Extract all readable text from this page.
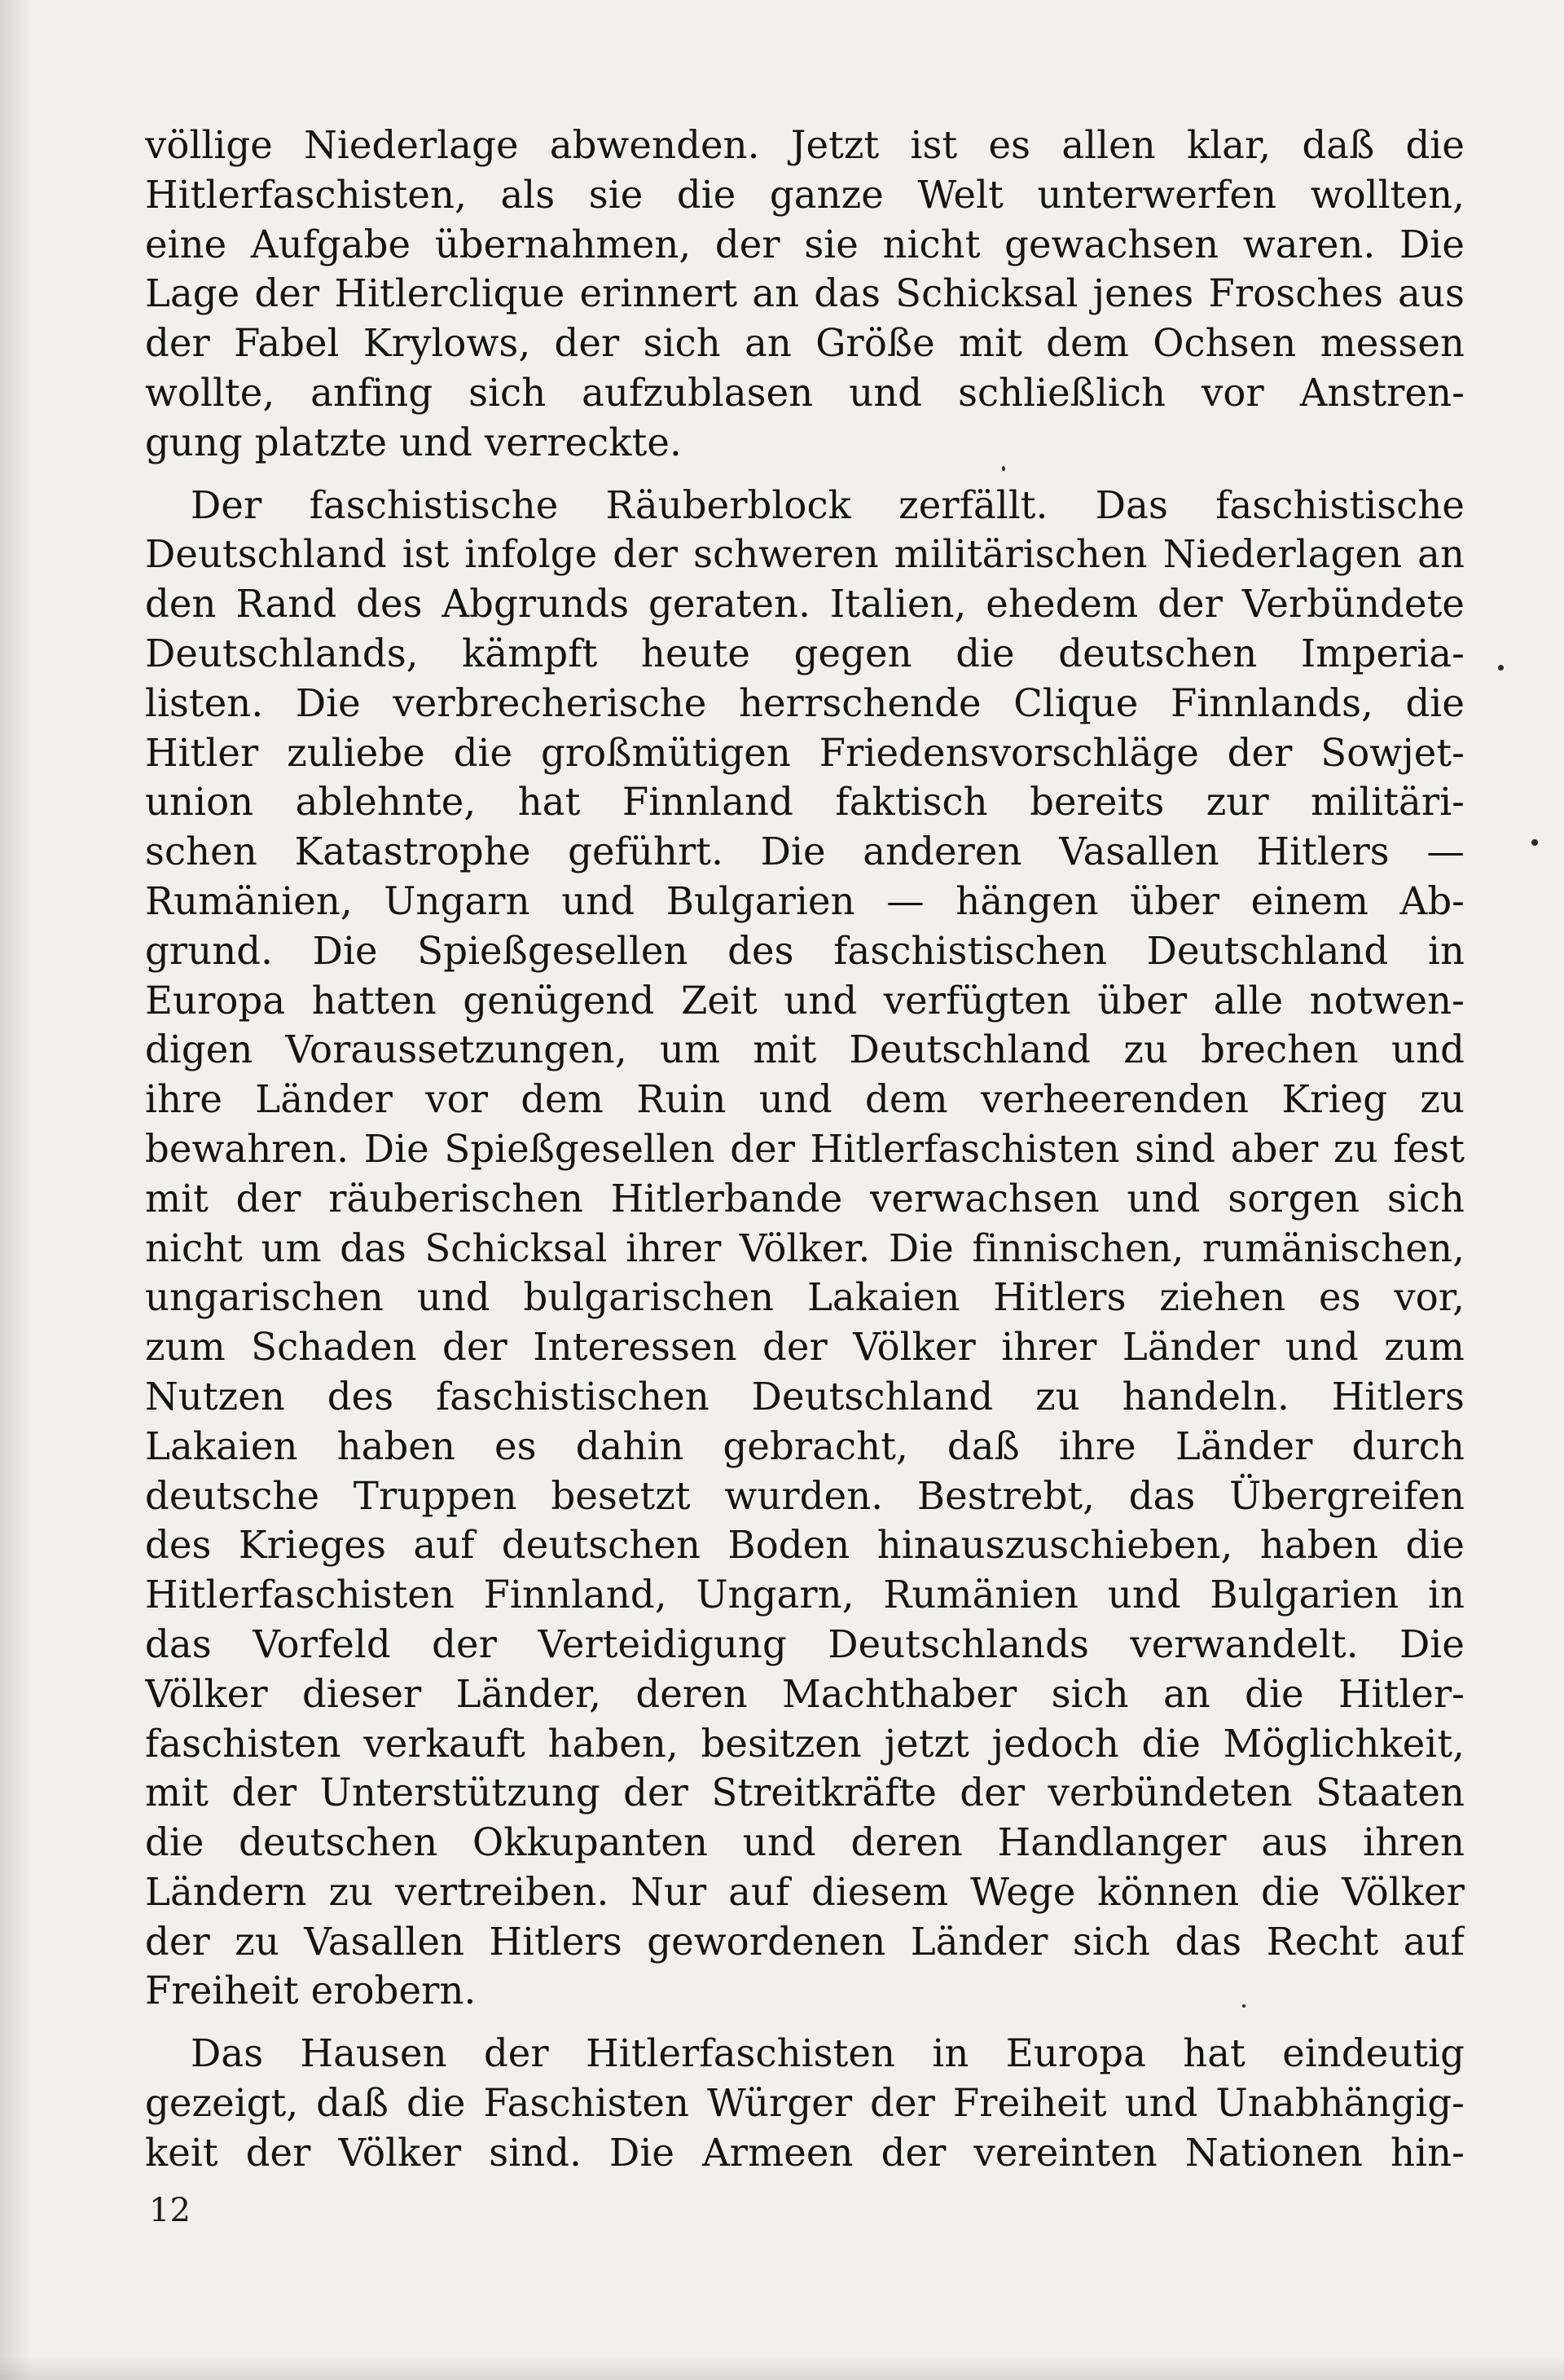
völlige Niederlage abwenden. Jetzt ist es allen klar, daß die
Hitlerfaschisten, als sie die ganze Welt unterwerfen wollten,
eine Aufgabe übernahmen, der sie nicht gewachsen waren. Die
Lage der Hitlerclique erinnert an das Schicksal jenes Frosches aus
der Fabel Krylows, der sich an Größe mit dem Ochsen messen
wollte, anfing sich aufzublasen und schließlich vor Anstren-
gung platzte und verreckte.
Der faschistische Räuberblock zerfällt. Das faschistische
Deutschland ist infolge der schweren militärischen Niederlagen an
den Rand des Abgrunds geraten. Italien, ehedem der Verbündete
Deutschlands, kämpft heute gegen die deutschen Imperia-
listen. Die verbrecherische herrschende Clique Finnlands, die
Hitler zuliebe die großmütigen Friedensvorschläge der Sowjet-
union ablehnte, hat Finnland faktisch bereits zur militäri-
schen Katastrophe geführt. Die anderen Vasallen Hitlers —
Rumänien, Ungarn und Bulgarien — hängen über einem Ab-
grund. Die Spießgesellen des faschistischen Deutschland in
Europa hatten genügend Zeit und verfügten über alle notwen-
digen Voraussetzungen, um mit Deutschland zu brechen und
ihre Länder vor dem Ruin und dem verheerenden Krieg zu
bewahren. Die Spießgesellen der Hitlerfaschisten sind aber zu fest
mit der räuberischen Hitlerbande verwachsen und sorgen sich
nicht um das Schicksal ihrer Völker. Die finnischen, rumänischen,
ungarischen und bulgarischen Lakaien Hitlers ziehen es vor,
zum Schaden der Interessen der Völker ihrer Länder und zum
Nutzen des faschistischen Deutschland zu handeln. Hitlers
Lakaien haben es dahin gebracht, daß ihre Länder durch
deutsche Truppen besetzt wurden. Bestrebt, das Übergreifen
des Krieges auf deutschen Boden hinauszuschieben, haben die
Hitlerfaschisten Finnland, Ungarn, Rumänien und Bulgarien in
das Vorfeld der Verteidigung Deutschlands verwandelt. Die
Völker dieser Länder, deren Machthaber sich an die Hitler-
faschisten verkauft haben, besitzen jetzt jedoch die Möglichkeit,
mit der Unterstützung der Streitkräfte der verbündeten Staaten
die deutschen Okkupanten und deren Handlanger aus ihren
Ländern zu vertreiben. Nur auf diesem Wege können die Völker
der zu Vasallen Hitlers gewordenen Länder sich das Recht auf
Freiheit erobern.
Das Hausen der Hitlerfaschisten in Europa hat eindeutig
gezeigt, daß die Faschisten Würger der Freiheit und Unabhängig-
keit der Völker sind. Die Armeen der vereinten Nationen hin-
12
